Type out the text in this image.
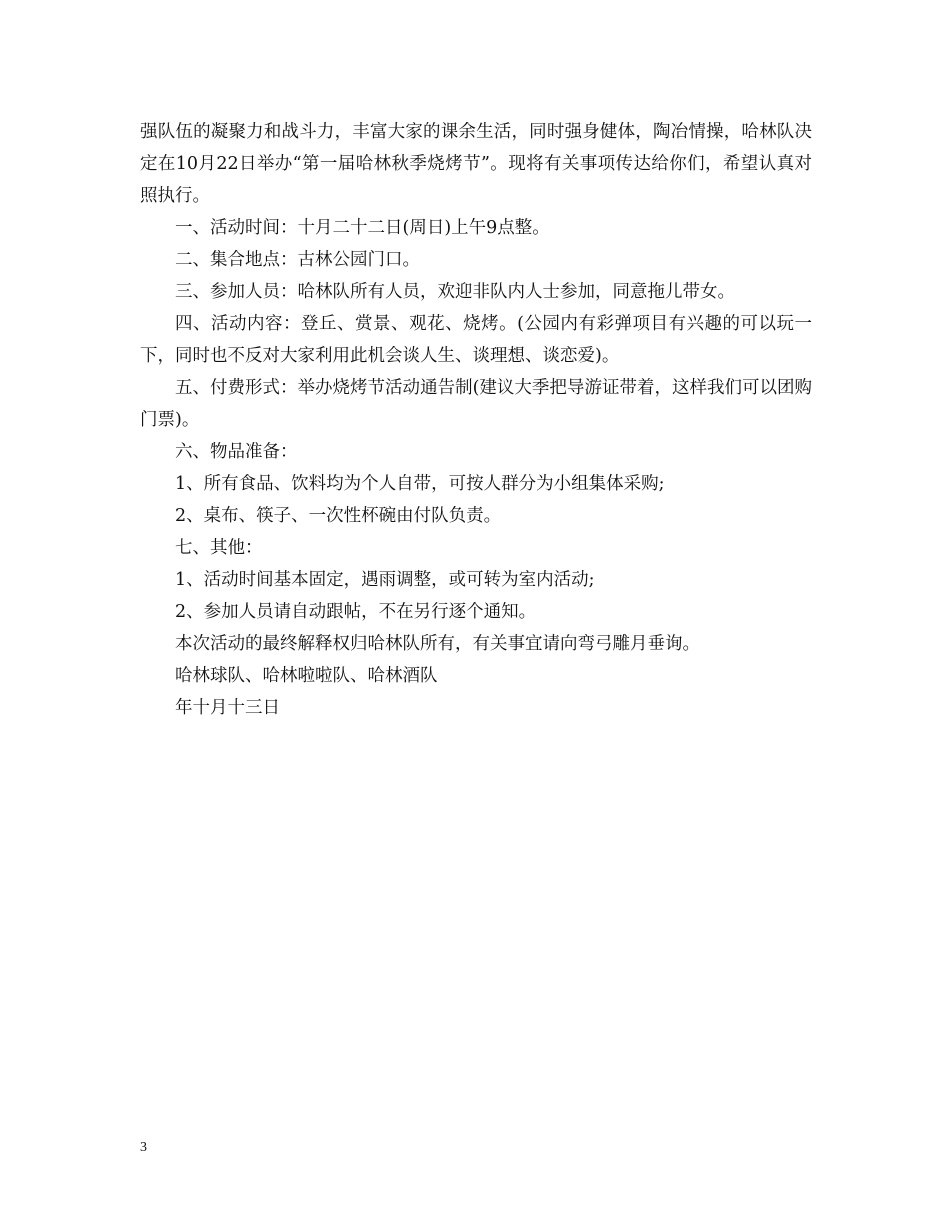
强队伍的凝聚力和战斗力，丰富大家的课余生活，同时强身健体，陶冶情操，哈林队决定在10月22日举办“第一届哈林秋季烧烤节”。现将有关事项传达给你们，希望认真对照执行。

一、活动时间：十月二十二日(周日)上午9点整。

二、集合地点：古林公园门口。

三、参加人员：哈林队所有人员，欢迎非队内人士参加，同意拖儿带女。

四、活动内容：登丘、赏景、观花、烧烤。(公园内有彩弹项目有兴趣的可以玩一下，同时也不反对大家利用此机会谈人生、谈理想、谈恋爱)。

五、付费形式：举办烧烤节活动通告制(建议大季把导游证带着，这样我们可以团购门票)。

六、物品准备：

1、所有食品、饮料均为个人自带，可按人群分为小组集体采购;

2、桌布、筷子、一次性杯碗由付队负责。

七、其他：

1、活动时间基本固定，遇雨调整，或可转为室内活动;

2、参加人员请自动跟帖，不在另行逐个通知。

本次活动的最终解释权归哈林队所有，有关事宜请向弯弓雕月垂询。

哈林球队、哈林啦啦队、哈林酒队

年十月十三日

3
